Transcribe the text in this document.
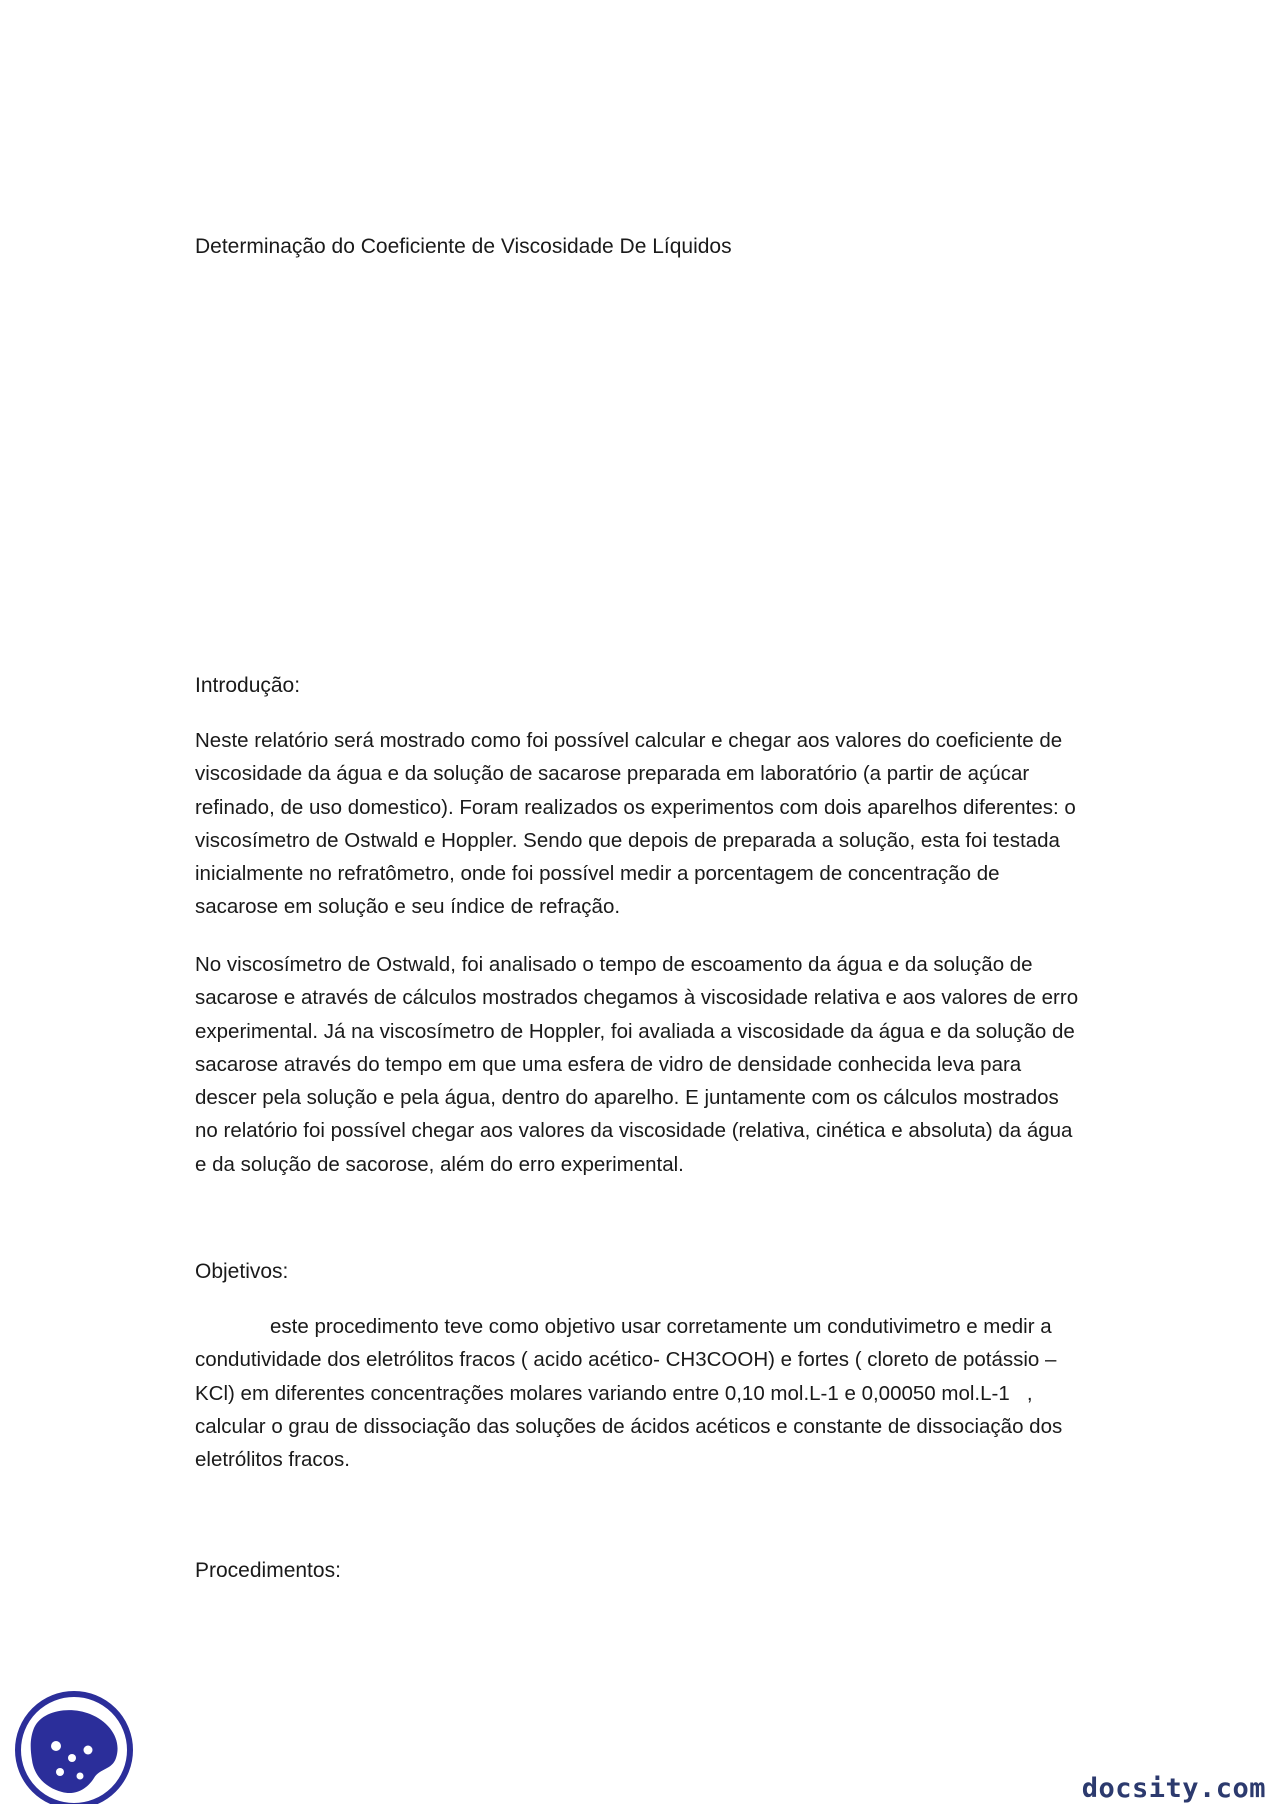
Determinação do Coeficiente de Viscosidade De Líquidos
Introdução:
Neste relatório será mostrado como foi possível calcular e chegar aos valores do coeficiente de
viscosidade da água e da solução de sacarose preparada em laboratório (a partir de açúcar
refinado, de uso domestico). Foram realizados os experimentos com dois aparelhos diferentes: o
viscosímetro de Ostwald e Hoppler. Sendo que depois de preparada a solução, esta foi testada
inicialmente no refratômetro, onde foi possível medir a porcentagem de concentração de
sacarose em solução e seu índice de refração.
No viscosímetro de Ostwald, foi analisado o tempo de escoamento da água e da solução de
sacarose e através de cálculos mostrados chegamos à viscosidade relativa e aos valores de erro
experimental. Já na viscosímetro de Hoppler, foi avaliada a viscosidade da água e da solução de
sacarose através do tempo em que uma esfera de vidro de densidade conhecida leva para
descer pela solução e pela água, dentro do aparelho. E juntamente com os cálculos mostrados
no relatório foi possível chegar aos valores da viscosidade (relativa, cinética e absoluta) da água
e da solução de sacorose, além do erro experimental.
Objetivos:
este procedimento teve como objetivo usar corretamente um condutivimetro e medir a
condutividade dos eletrólitos fracos ( acido acético- CH3COOH) e fortes ( cloreto de potássio –
KCl) em diferentes concentrações molares variando entre 0,10 mol.L-1 e 0,00050 mol.L-1   ,
calcular o grau de dissociação das soluções de ácidos acéticos e constante de dissociação dos
eletrólitos fracos.
Procedimentos:
docsity.com
